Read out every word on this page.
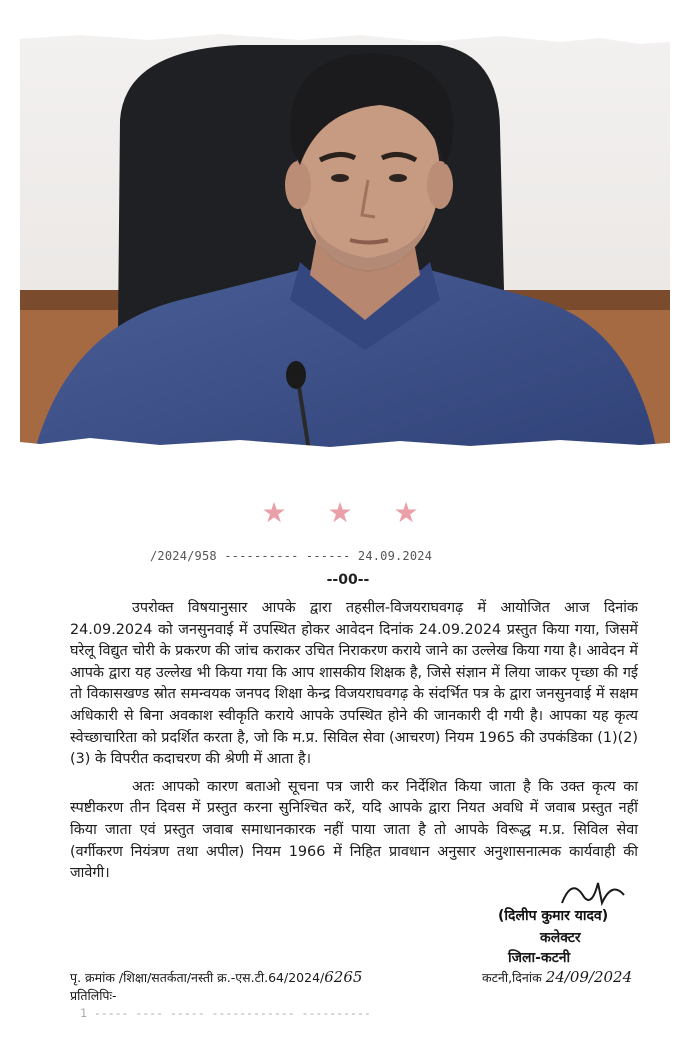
★ ★ ★
/2024/958 ---------- ------ 24.09.2024
--00--

उपरोक्त विषयानुसार आपके द्वारा तहसील-विजयराघवगढ़ में आयोजित आज दिनांक 24.09.2024 को जनसुनवाई में उपस्थित होकर आवेदन दिनांक 24.09.2024 प्रस्तुत किया गया, जिसमें घरेलू विद्युत चोरी के प्रकरण की जांच कराकर उचित निराकरण कराये जाने का उल्लेख किया गया है। आवेदन में आपके द्वारा यह उल्लेख भी किया गया कि आप शासकीय शिक्षक है, जिसे संज्ञान में लिया जाकर पृच्छा की गई तो विकासखण्ड स्रोत समन्वयक जनपद शिक्षा केन्द्र विजयराघवगढ़ के संदर्भित पत्र के द्वारा जनसुनवाई में सक्षम अधिकारी से बिना अवकाश स्वीकृति कराये आपके उपस्थित होने की जानकारी दी गयी है। आपका यह कृत्य स्वेच्छाचारिता को प्रदर्शित करता है, जो कि म.प्र. सिविल सेवा (आचरण) नियम 1965 की उपकंडिका (1)(2)(3) के विपरीत कदाचरण की श्रेणी में आता है।

अतः आपको कारण बताओ सूचना पत्र जारी कर निर्देशित किया जाता है कि उक्त कृत्य का स्पष्टीकरण तीन दिवस में प्रस्तुत करना सुनिश्चित करें, यदि आपके द्वारा नियत अवधि में जवाब प्रस्तुत नहीं किया जाता एवं प्रस्तुत जवाब समाधानकारक नहीं पाया जाता है तो आपके विरूद्ध म.प्र. सिविल सेवा (वर्गीकरण नियंत्रण तथा अपील) नियम 1966 में निहित प्रावधान अनुसार अनुशासनात्मक कार्यवाही की जावेगी।

(दिलीप कुमार यादव)
कलेक्टर
जिला-कटनी
कटनी,दिनांक 24/09/2024
पृ. क्रमांक /शिक्षा/सतर्कता/नस्ती क्र.-एस.टी.64/2024/6265
प्रतिलिपिः-
1 ----- ---- ----- ------------ ----------
